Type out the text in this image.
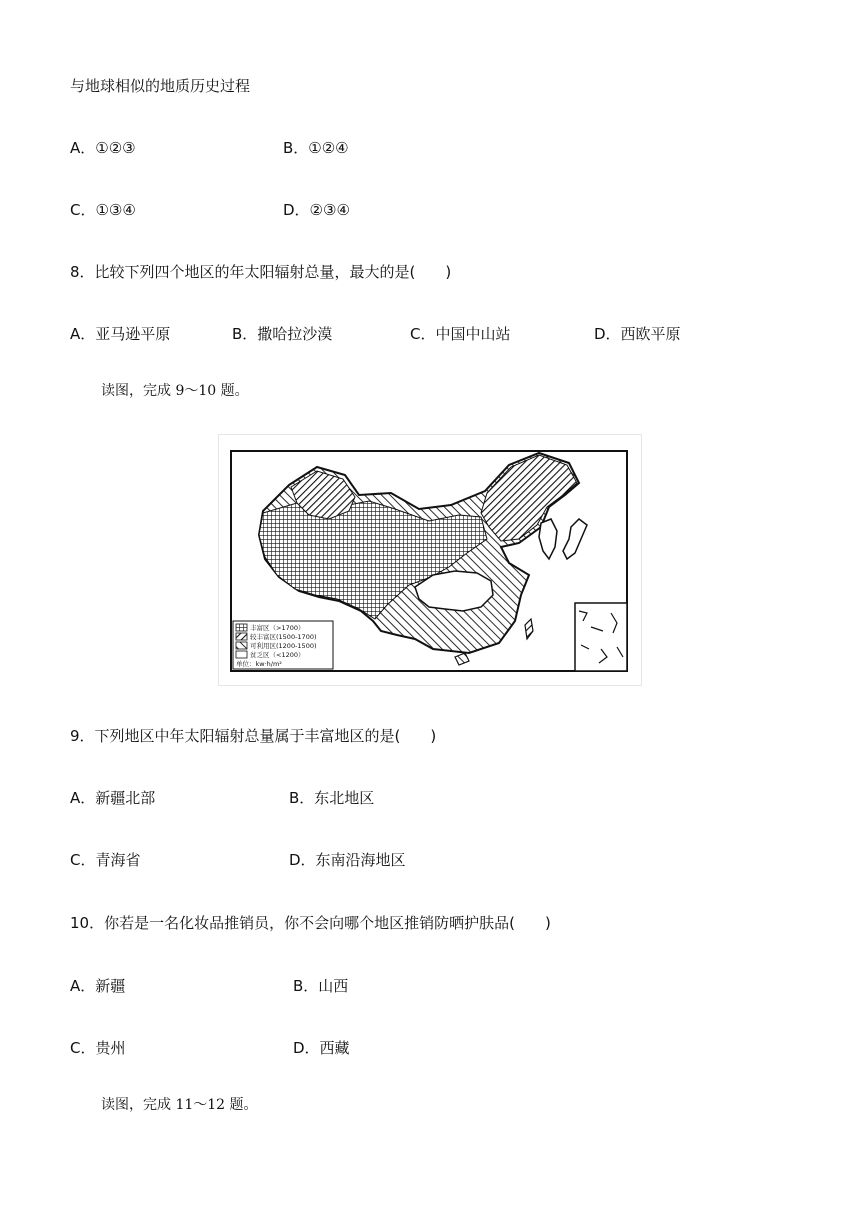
与地球相似的地质历史过程
A．①②③	B．①②④
C．①③④	D．②③④
8．比较下列四个地区的年太阳辐射总量，最大的是(　　)
A．亚马逊平原	B．撒哈拉沙漠	C．中国中山站	D．西欧平原
读图，完成 9～10 题。
丰富区（>1700）
较丰富区(1500-1700)
可利用区(1200-1500)
贫乏区（<1200）
单位：kw·h/m²
9．下列地区中年太阳辐射总量属于丰富地区的是(　　)
A．新疆北部	B．东北地区
C．青海省	D．东南沿海地区
10．你若是一名化妆品推销员，你不会向哪个地区推销防晒护肤品(　　)
A．新疆	B．山西
C．贵州	D．西藏
读图，完成 11～12 题。
